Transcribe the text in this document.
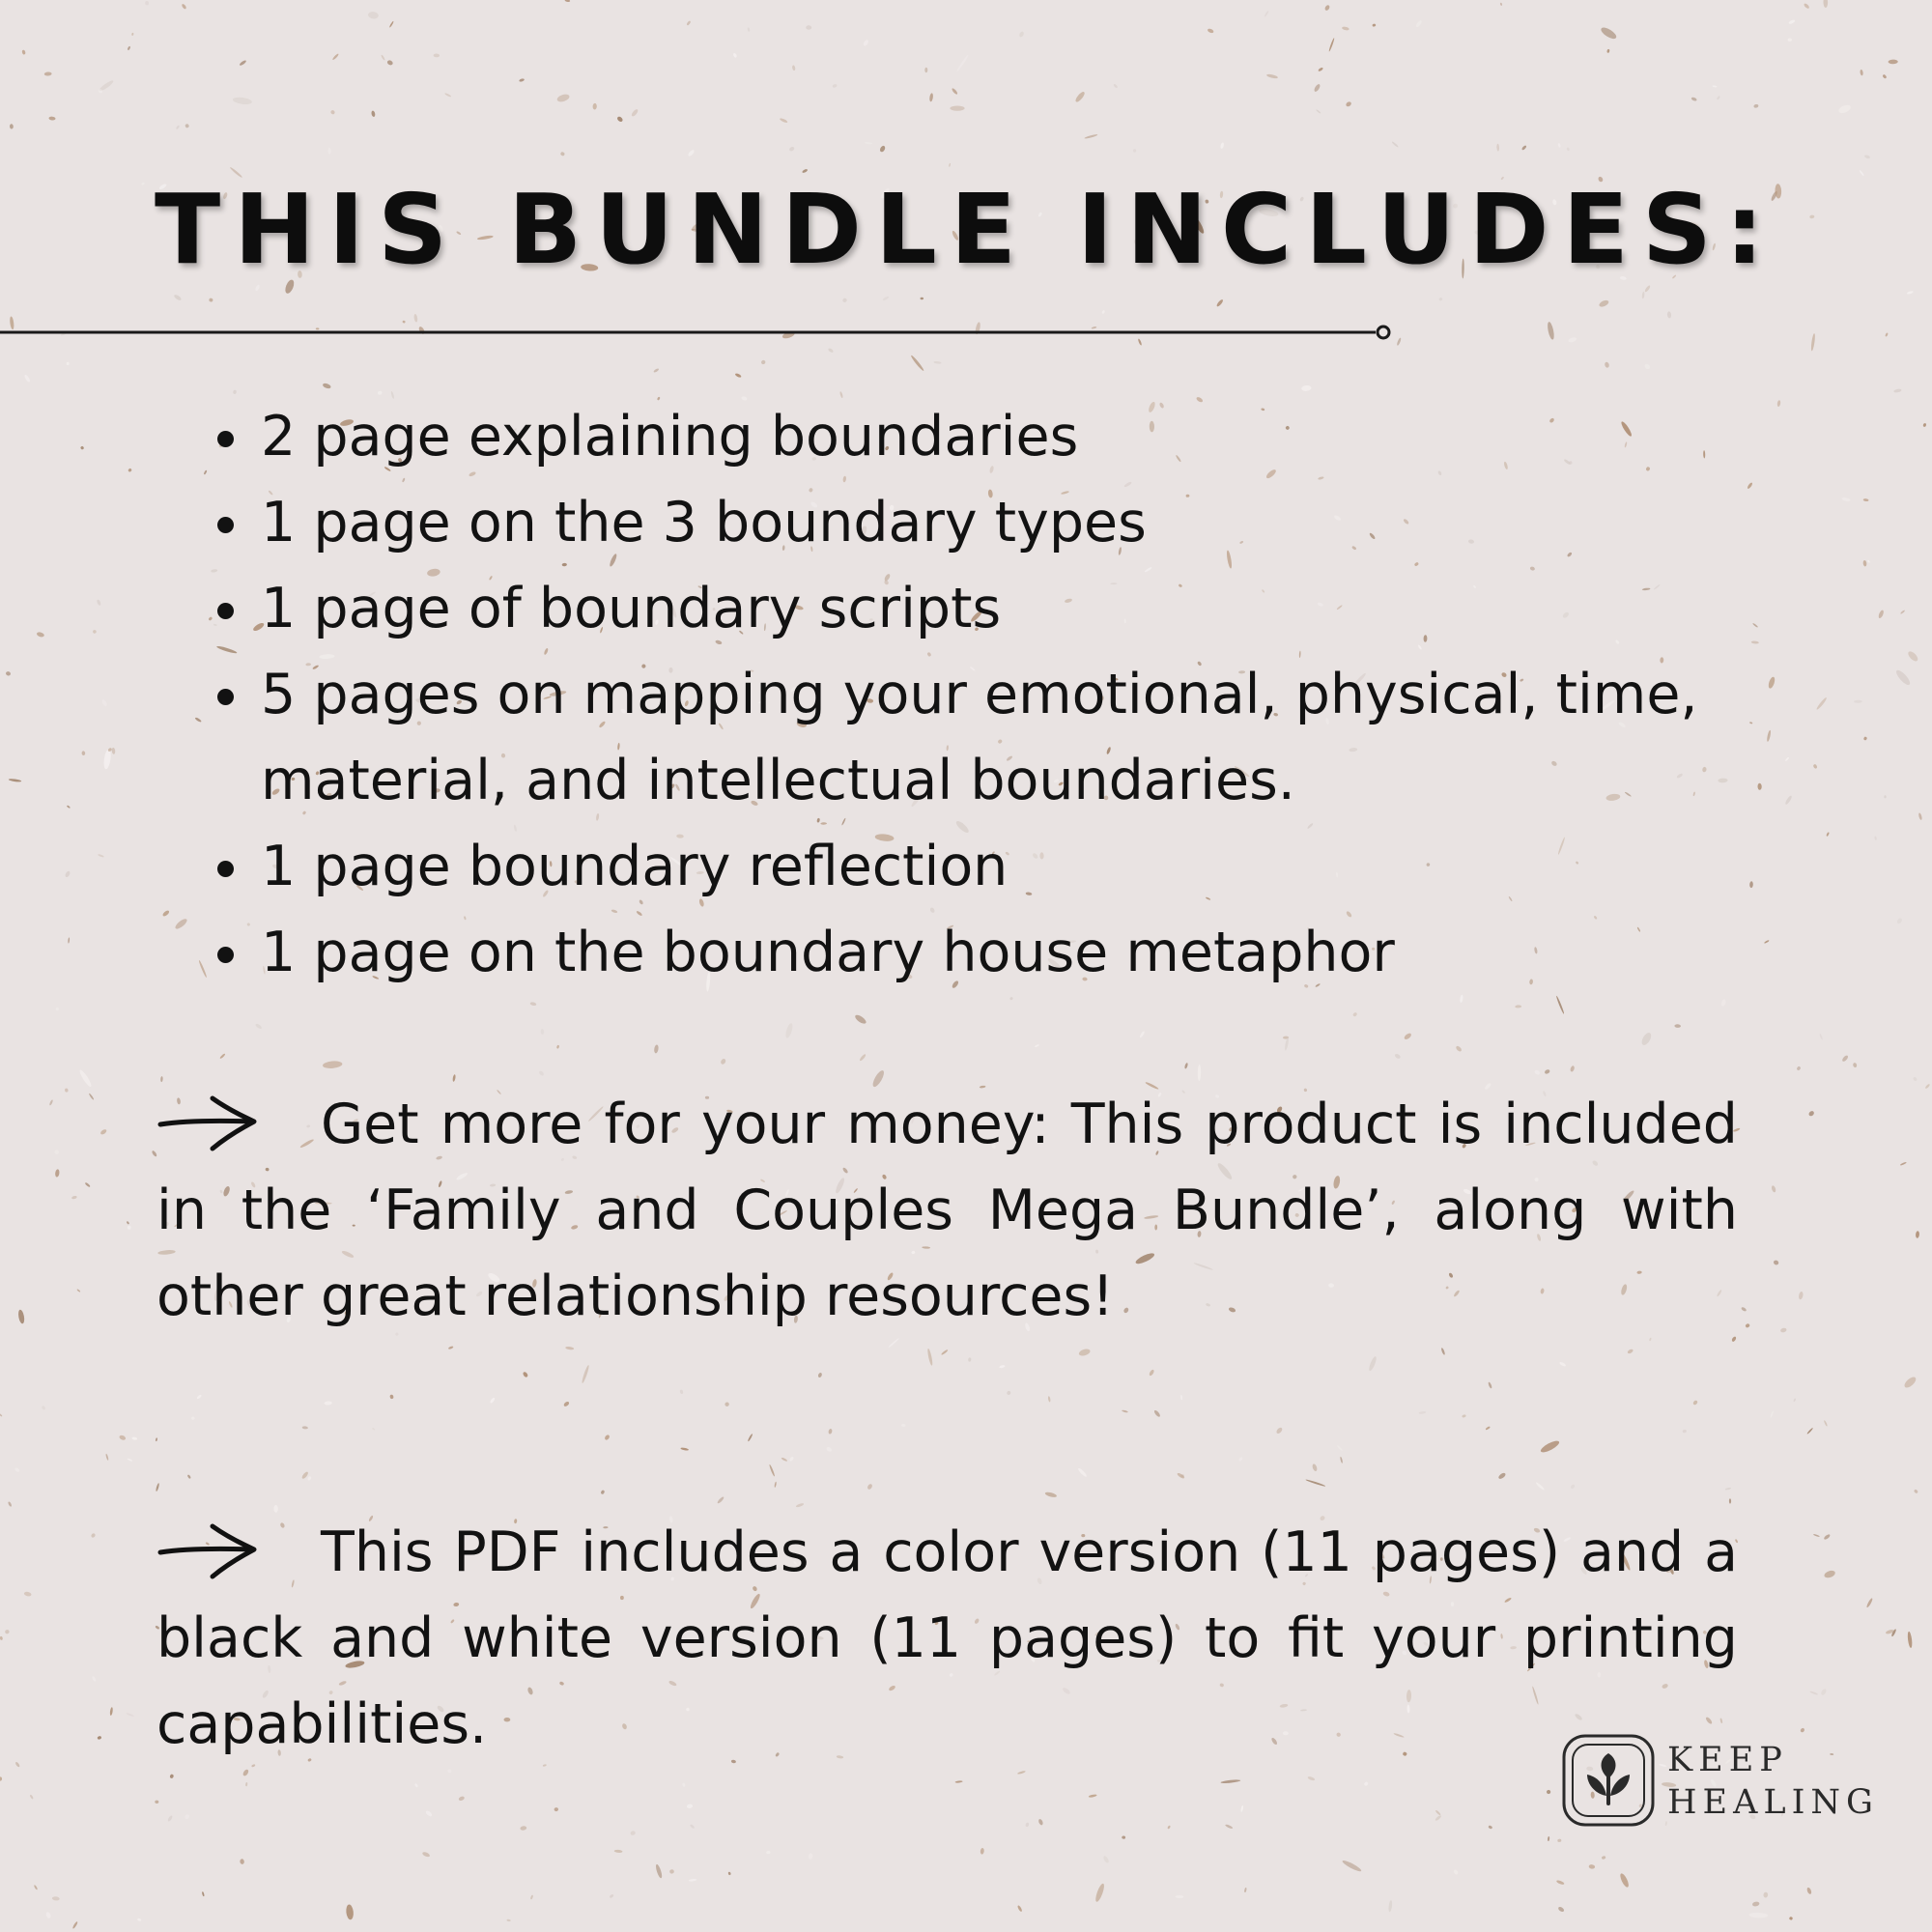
THIS BUNDLE INCLUDES:
2 page explaining boundaries
1 page on the 3 boundary types
1 page of boundary scripts
5 pages on mapping your emotional, physical, time, material, and intellectual boundaries.
1 page boundary reflection
1 page on the boundary house metaphor

Get more for your money: This product is included in the ‘Family and Couples Mega Bundle’, along with other great relationship resources!

This PDF includes a color version (11 pages) and a black and white version (11 pages) to fit your printing capabilities.

KEEP
HEALING
